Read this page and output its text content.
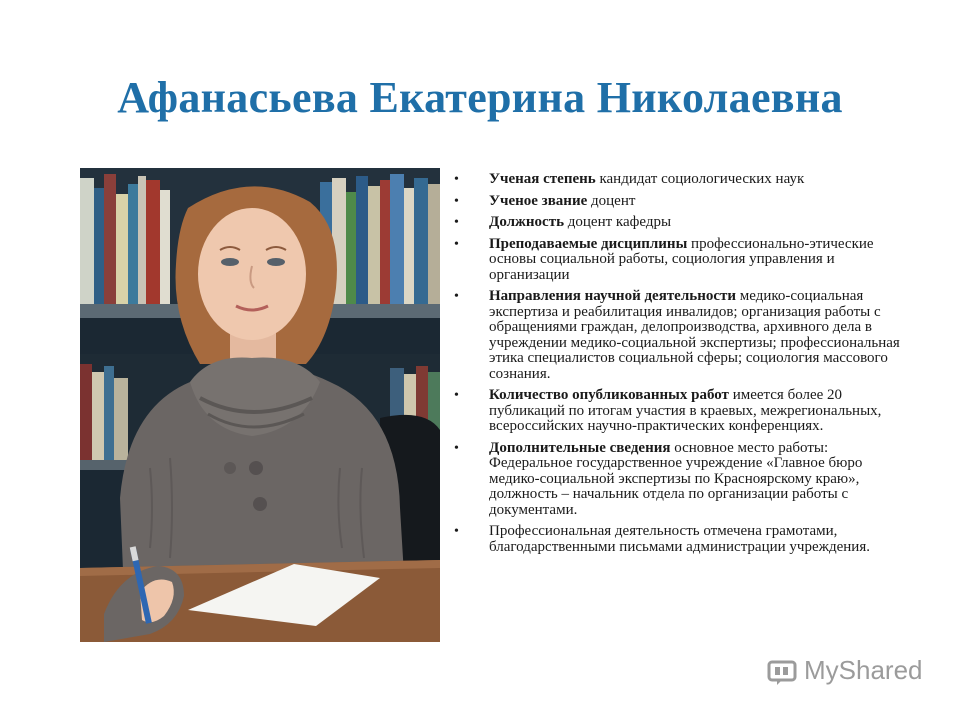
Афанасьева Екатерина Николаевна
• Ученая степень кандидат социологических наук
• Ученое звание доцент
• Должность доцент кафедры
• Преподаваемые дисциплины профессионально-этические основы социальной работы, социология управления и организации
• Направления научной деятельности медико-социальная экспертиза и реабилитация инвалидов; организация работы с обращениями граждан, делопроизводства, архивного дела в учреждении медико-социальной экспертизы; профессиональная этика специалистов социальной сферы; социология массового сознания.
• Количество опубликованных работ имеется более 20 публикаций по итогам участия в краевых, межрегиональных, всероссийских научно-практических конференциях.
• Дополнительные сведения основное место работы: Федеральное государственное учреждение «Главное бюро медико-социальной экспертизы по Красноярскому краю», должность – начальник отдела по организации работы с документами.
• Профессиональная деятельность отмечена грамотами, благодарственными письмами администрации учреждения.
MyShared
